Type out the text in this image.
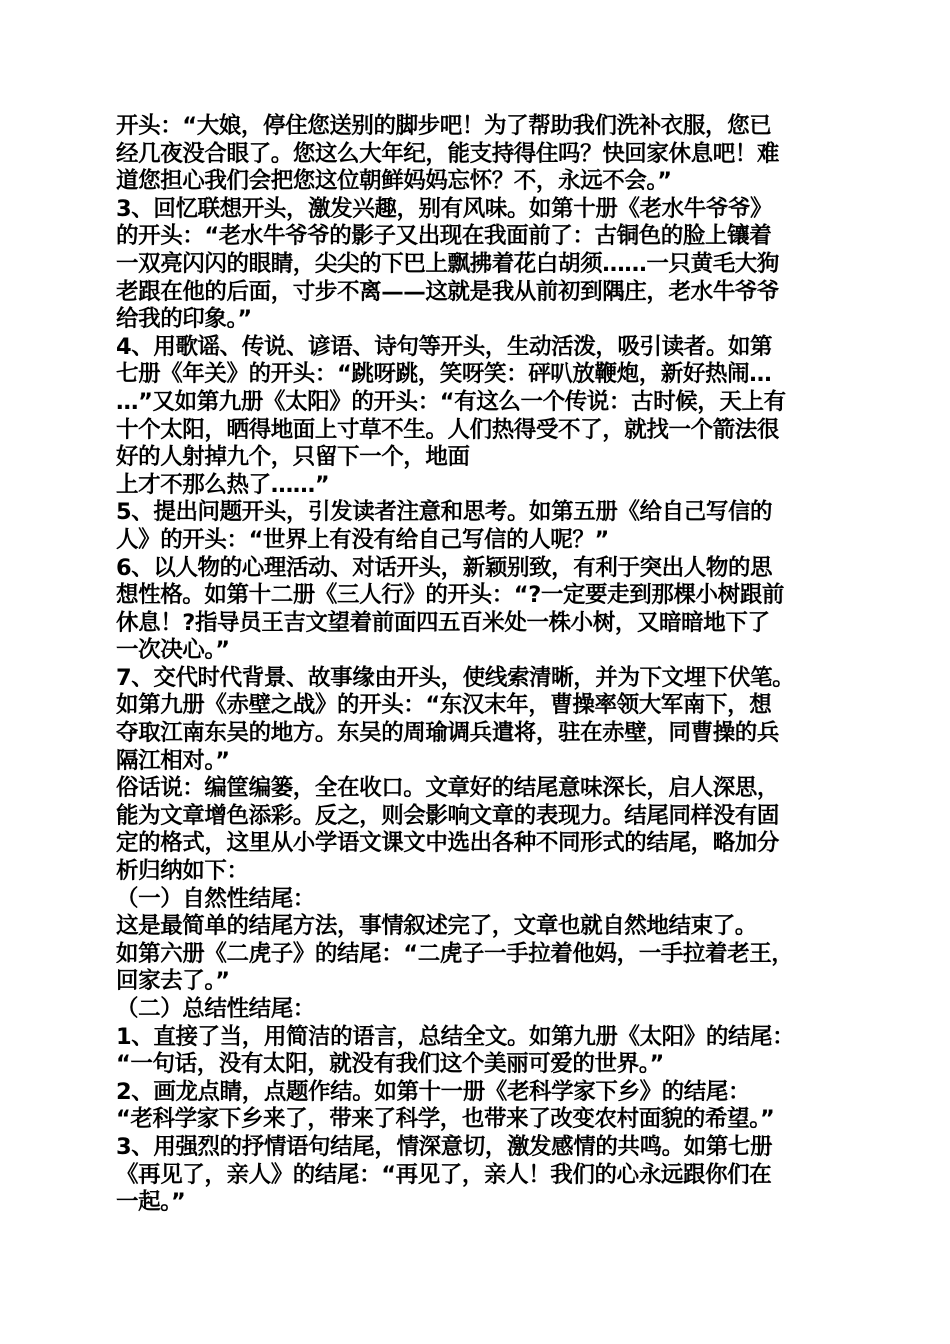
开头：“大娘，停住您送别的脚步吧！为了帮助我们洗补衣服，您已
经几夜没合眼了。您这么大年纪，能支持得住吗？快回家休息吧！难
道您担心我们会把您这位朝鲜妈妈忘怀？不，永远不会。”
3、回忆联想开头，激发兴趣，别有风味。如第十册《老水牛爷爷》
的开头：“老水牛爷爷的影子又出现在我面前了：古铜色的脸上镶着
一双亮闪闪的眼睛，尖尖的下巴上飘拂着花白胡须……一只黄毛大狗
老跟在他的后面，寸步不离——这就是我从前初到隅庄，老水牛爷爷
给我的印象。”
4、用歌谣、传说、谚语、诗句等开头，生动活泼，吸引读者。如第
七册《年关》的开头：“跳呀跳，笑呀笑：砰叭放鞭炮，新好热闹…
…”又如第九册《太阳》的开头：“有这么一个传说：古时候，天上有
十个太阳，晒得地面上寸草不生。人们热得受不了，就找一个箭法很
好的人射掉九个，只留下一个，地面
上才不那么热了……”
5、提出问题开头，引发读者注意和思考。如第五册《给自己写信的
人》的开头：“世界上有没有给自己写信的人呢？”
6、以人物的心理活动、对话开头，新颖别致，有利于突出人物的思
想性格。如第十二册《三人行》的开头：“?一定要走到那棵小树跟前
休息！?指导员王吉文望着前面四五百米处一株小树，又暗暗地下了
一次决心。”
7、交代时代背景、故事缘由开头，使线索清晰，并为下文埋下伏笔。
如第九册《赤壁之战》的开头：“东汉末年，曹操率领大军南下，想
夺取江南东吴的地方。东吴的周瑜调兵遣将，驻在赤壁，同曹操的兵
隔江相对。”
俗话说：编筐编篓，全在收口。文章好的结尾意味深长，启人深思，
能为文章增色添彩。反之，则会影响文章的表现力。结尾同样没有固
定的格式，这里从小学语文课文中选出各种不同形式的结尾，略加分
析归纳如下：
（一）自然性结尾：
这是最简单的结尾方法，事情叙述完了，文章也就自然地结束了。
如第六册《二虎子》的结尾：“二虎子一手拉着他妈，一手拉着老王，
回家去了。”
（二）总结性结尾：
1、直接了当，用简洁的语言，总结全文。如第九册《太阳》的结尾：
“一句话，没有太阳，就没有我们这个美丽可爱的世界。”
2、画龙点睛，点题作结。如第十一册《老科学家下乡》的结尾：
“老科学家下乡来了，带来了科学，也带来了改变农村面貌的希望。”
3、用强烈的抒情语句结尾，情深意切，激发感情的共鸣。如第七册
《再见了，亲人》的结尾：“再见了，亲人！我们的心永远跟你们在
一起。”
